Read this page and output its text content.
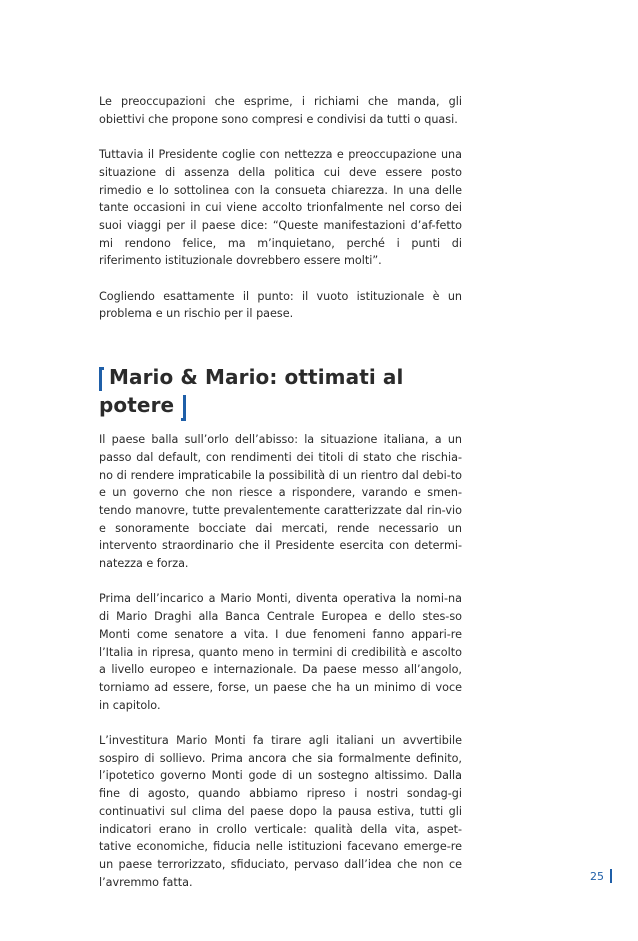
Le preoccupazioni che esprime, i richiami che manda, gli obiettivi che propone sono compresi e condivisi da tutti o quasi.

Tuttavia il Presidente coglie con nettezza e preoccupazione una situazione di assenza della politica cui deve essere posto rimedio e lo sottolinea con la consueta chiarezza. In una delle tante occasioni in cui viene accolto trionfalmente nel corso dei suoi viaggi per il paese dice: “Queste manifestazioni d’af-fetto mi rendono felice, ma m’inquietano, perché i punti di riferimento istituzionale dovrebbero essere molti”.

Cogliendo esattamente il punto: il vuoto istituzionale è un problema e un rischio per il paese.

Mario & Mario: ottimati al
potere

Il paese balla sull’orlo dell’abisso: la situazione italiana, a un passo dal default, con rendimenti dei titoli di stato che rischia-no di rendere impraticabile la possibilità di un rientro dal debi-to e un governo che non riesce a rispondere, varando e smen-tendo manovre, tutte prevalentemente caratterizzate dal rin-vio e sonoramente bocciate dai mercati, rende necessario un intervento straordinario che il Presidente esercita con determi-natezza e forza.

Prima dell’incarico a Mario Monti, diventa operativa la nomi-na di Mario Draghi alla Banca Centrale Europea e dello stes-so Monti come senatore a vita. I due fenomeni fanno appari-re l’Italia in ripresa, quanto meno in termini di credibilità e ascolto a livello europeo e internazionale. Da paese messo all’angolo, torniamo ad essere, forse, un paese che ha un minimo di voce in capitolo.

L’investitura Mario Monti fa tirare agli italiani un avvertibile sospiro di sollievo. Prima ancora che sia formalmente definito, l’ipotetico governo Monti gode di un sostegno altissimo. Dalla fine di agosto, quando abbiamo ripreso i nostri sondag-gi continuativi sul clima del paese dopo la pausa estiva, tutti gli indicatori erano in crollo verticale: qualità della vita, aspet-tative economiche, fiducia nelle istituzioni facevano emerge-re un paese terrorizzato, sfiduciato, pervaso dall’idea che non ce l’avremmo fatta.	25
